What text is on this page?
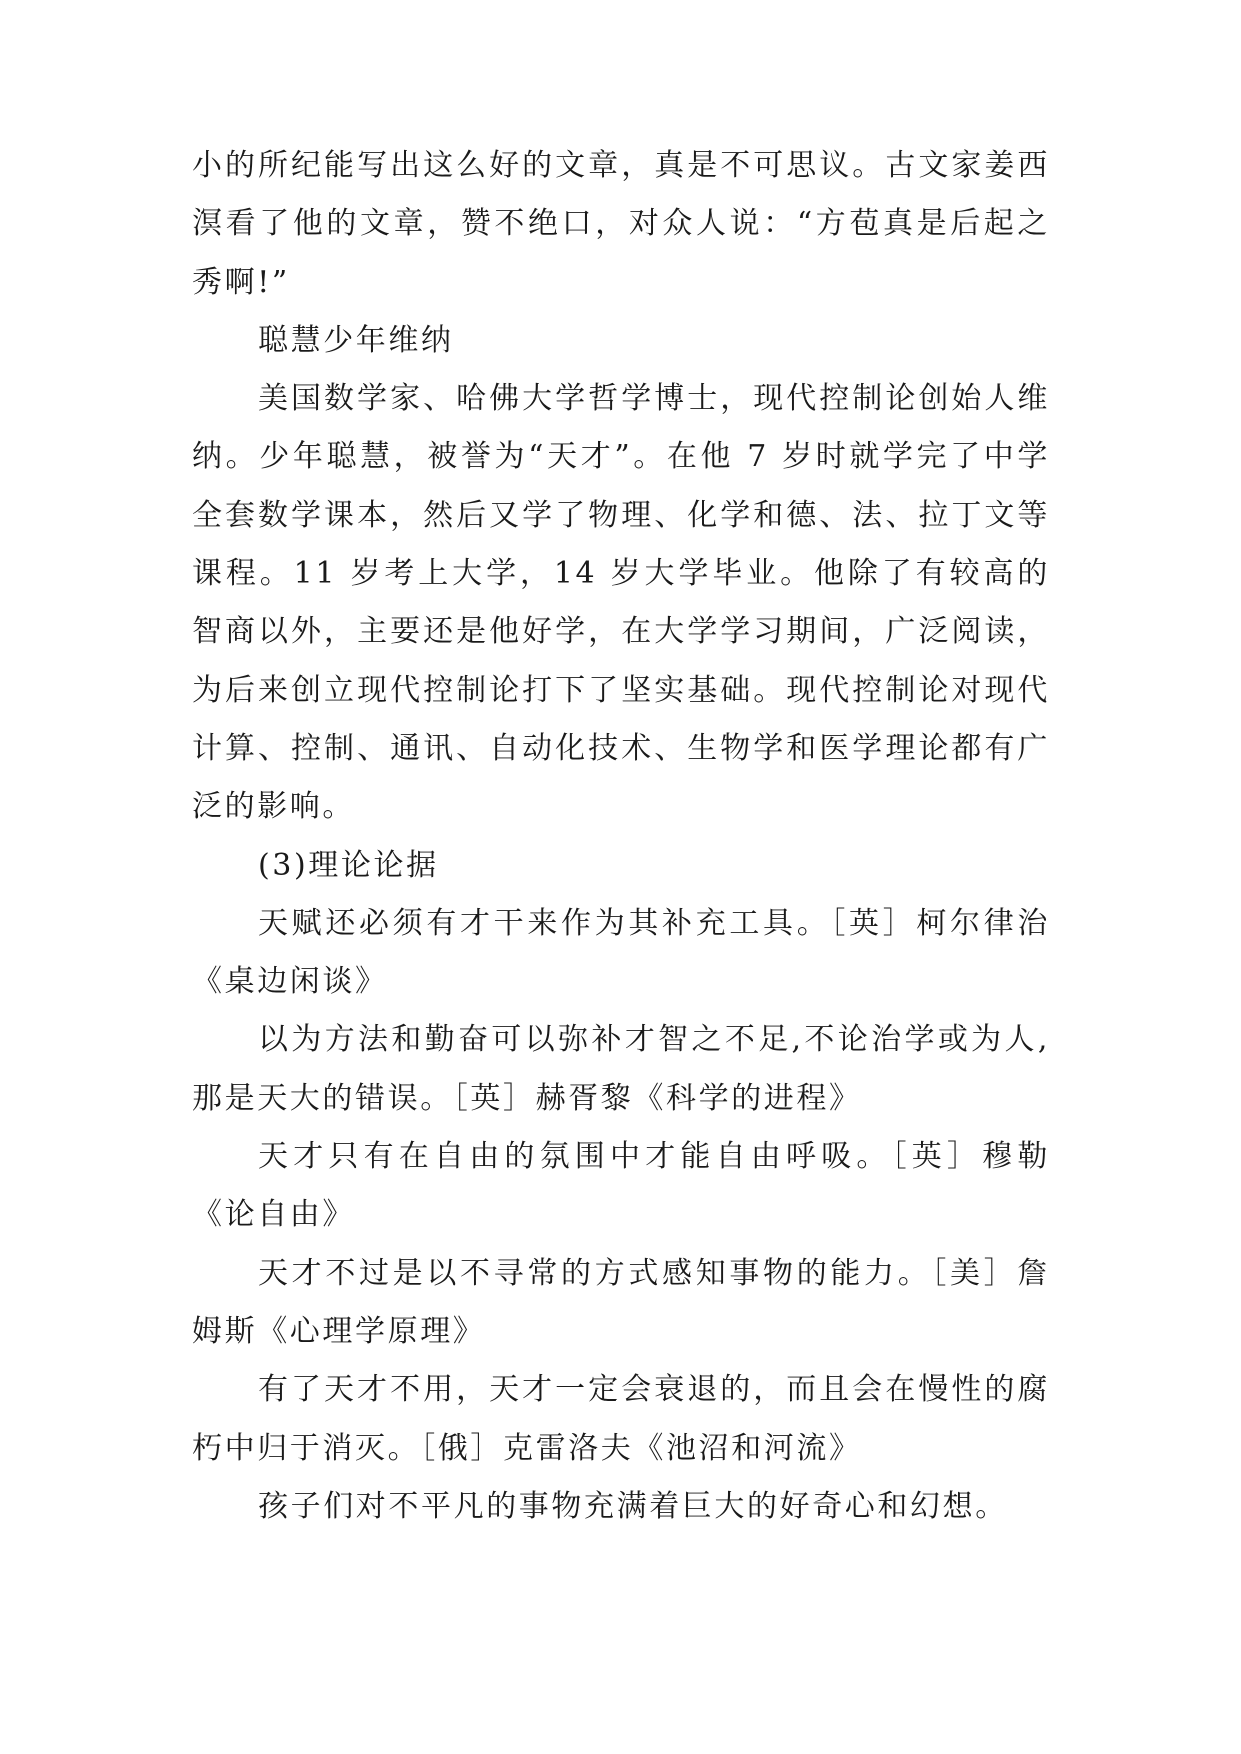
小的所纪能写出这么好的文章，真是不可思议。古文家姜西溟看了他的文章，赞不绝口，对众人说：“方苞真是后起之秀啊!”

聪慧少年维纳

美国数学家、哈佛大学哲学博士，现代控制论创始人维纳。少年聪慧，被誉为“天才”。在他 7 岁时就学完了中学全套数学课本，然后又学了物理、化学和德、法、拉丁文等课程。11 岁考上大学，14 岁大学毕业。他除了有较高的智商以外，主要还是他好学，在大学学习期间，广泛阅读，为后来创立现代控制论打下了坚实基础。现代控制论对现代计算、控制、通讯、自动化技术、生物学和医学理论都有广泛的影响。

(3)理论论据

天赋还必须有才干来作为其补充工具。［英］柯尔律治《桌边闲谈》

以为方法和勤奋可以弥补才智之不足,不论治学或为人,那是天大的错误。［英］赫胥黎《科学的进程》

天才只有在自由的氛围中才能自由呼吸。［英］穆勒《论自由》

天才不过是以不寻常的方式感知事物的能力。［美］詹姆斯《心理学原理》

有了天才不用，天才一定会衰退的，而且会在慢性的腐朽中归于消灭。［俄］克雷洛夫《池沼和河流》

孩子们对不平凡的事物充满着巨大的好奇心和幻想。
